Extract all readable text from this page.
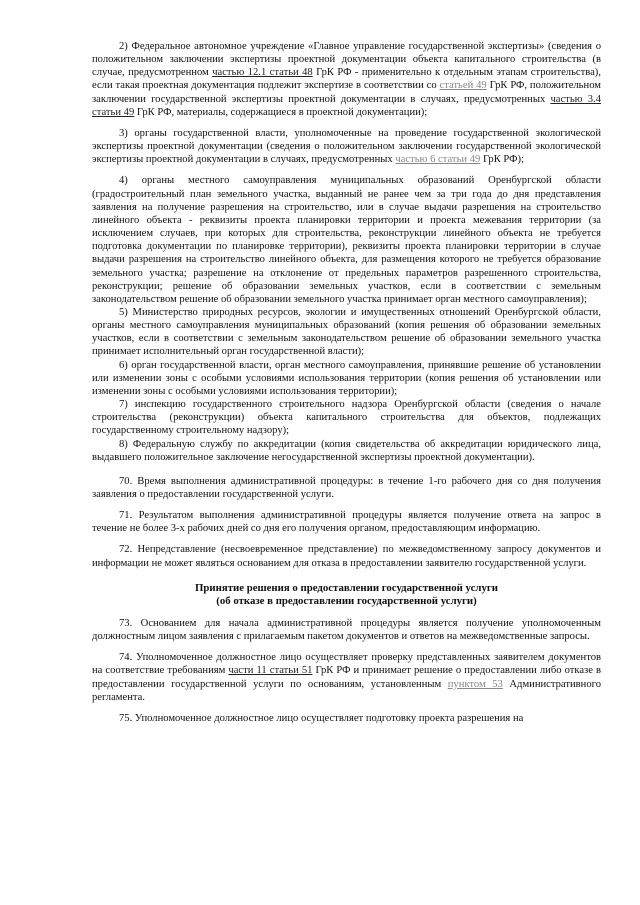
2) Федеральное автономное учреждение «Главное управление государственной экспертизы» (сведения о положительном заключении экспертизы проектной документации объекта капитального строительства (в случае, предусмотренном частью 12.1 статьи 48 ГрК РФ - применительно к отдельным этапам строительства), если такая проектная документация подлежит экспертизе в соответствии со статьей 49 ГрК РФ, положительном заключении государственной экспертизы проектной документации в случаях, предусмотренных частью 3.4 статьи 49 ГрК РФ, материалы, содержащиеся в проектной документации);

3) органы государственной власти, уполномоченные на проведение государственной экологической экспертизы проектной документации (сведения о положительном заключении государственной экологической экспертизы проектной документации в случаях, предусмотренных частью 6 статьи 49 ГрК РФ);

4) органы местного самоуправления муниципальных образований Оренбургской области (градостроительный план земельного участка, выданный не ранее чем за три года до дня представления заявления на получение разрешения на строительство, или в случае выдачи разрешения на строительство линейного объекта - реквизиты проекта планировки территории и проекта межевания территории (за исключением случаев, при которых для строительства, реконструкции линейного объекта не требуется подготовка документации по планировке территории), реквизиты проекта планировки территории в случае выдачи разрешения на строительство линейного объекта, для размещения которого не требуется образование земельного участка; разрешение на отклонение от предельных параметров разрешенного строительства, реконструкции; решение об образовании земельных участков, если в соответствии с земельным законодательством решение об образовании земельного участка принимает орган местного самоуправления);

5) Министерство природных ресурсов, экологии и имущественных отношений Оренбургской области, органы местного самоуправления муниципальных образований (копия решения об образовании земельных участков, если в соответствии с земельным законодательством решение об образовании земельного участка принимает исполнительный орган государственной власти);

6) орган государственной власти, орган местного самоуправления, принявшие решение об установлении или изменении зоны с особыми условиями использования территории (копия решения об установлении или изменении зоны с особыми условиями использования территории);

7) инспекцию государственного строительного надзора Оренбургской области (сведения о начале строительства (реконструкции) объекта капитального строительства для объектов, подлежащих государственному строительному надзору);

8) Федеральную службу по аккредитации (копия свидетельства об аккредитации юридического лица, выдавшего положительное заключение негосударственной экспертизы проектной документации).

70. Время выполнения административной процедуры: в течение 1-го рабочего дня со дня получения заявления о предоставлении государственной услуги.

71. Результатом выполнения административной процедуры является получение ответа на запрос в течение не более 3-х рабочих дней со дня его получения органом, предоставляющим информацию.

72. Непредставление (несвоевременное представление) по межведомственному запросу документов и информации не может являться основанием для отказа в предоставлении заявителю государственной услуги.

Принятие решения о предоставлении государственной услуги
(об отказе в предоставлении государственной услуги)

73. Основанием для начала административной процедуры является получение уполномоченным должностным лицом заявления с прилагаемым пакетом документов и ответов на межведомственные запросы.

74. Уполномоченное должностное лицо осуществляет проверку представленных заявителем документов на соответствие требованиям части 11 статьи 51 ГрК РФ и принимает решение о предоставлении либо отказе в предоставлении государственной услуги по основаниям, установленным пунктом 53 Административного регламента.

75. Уполномоченное должностное лицо осуществляет подготовку проекта разрешения на
